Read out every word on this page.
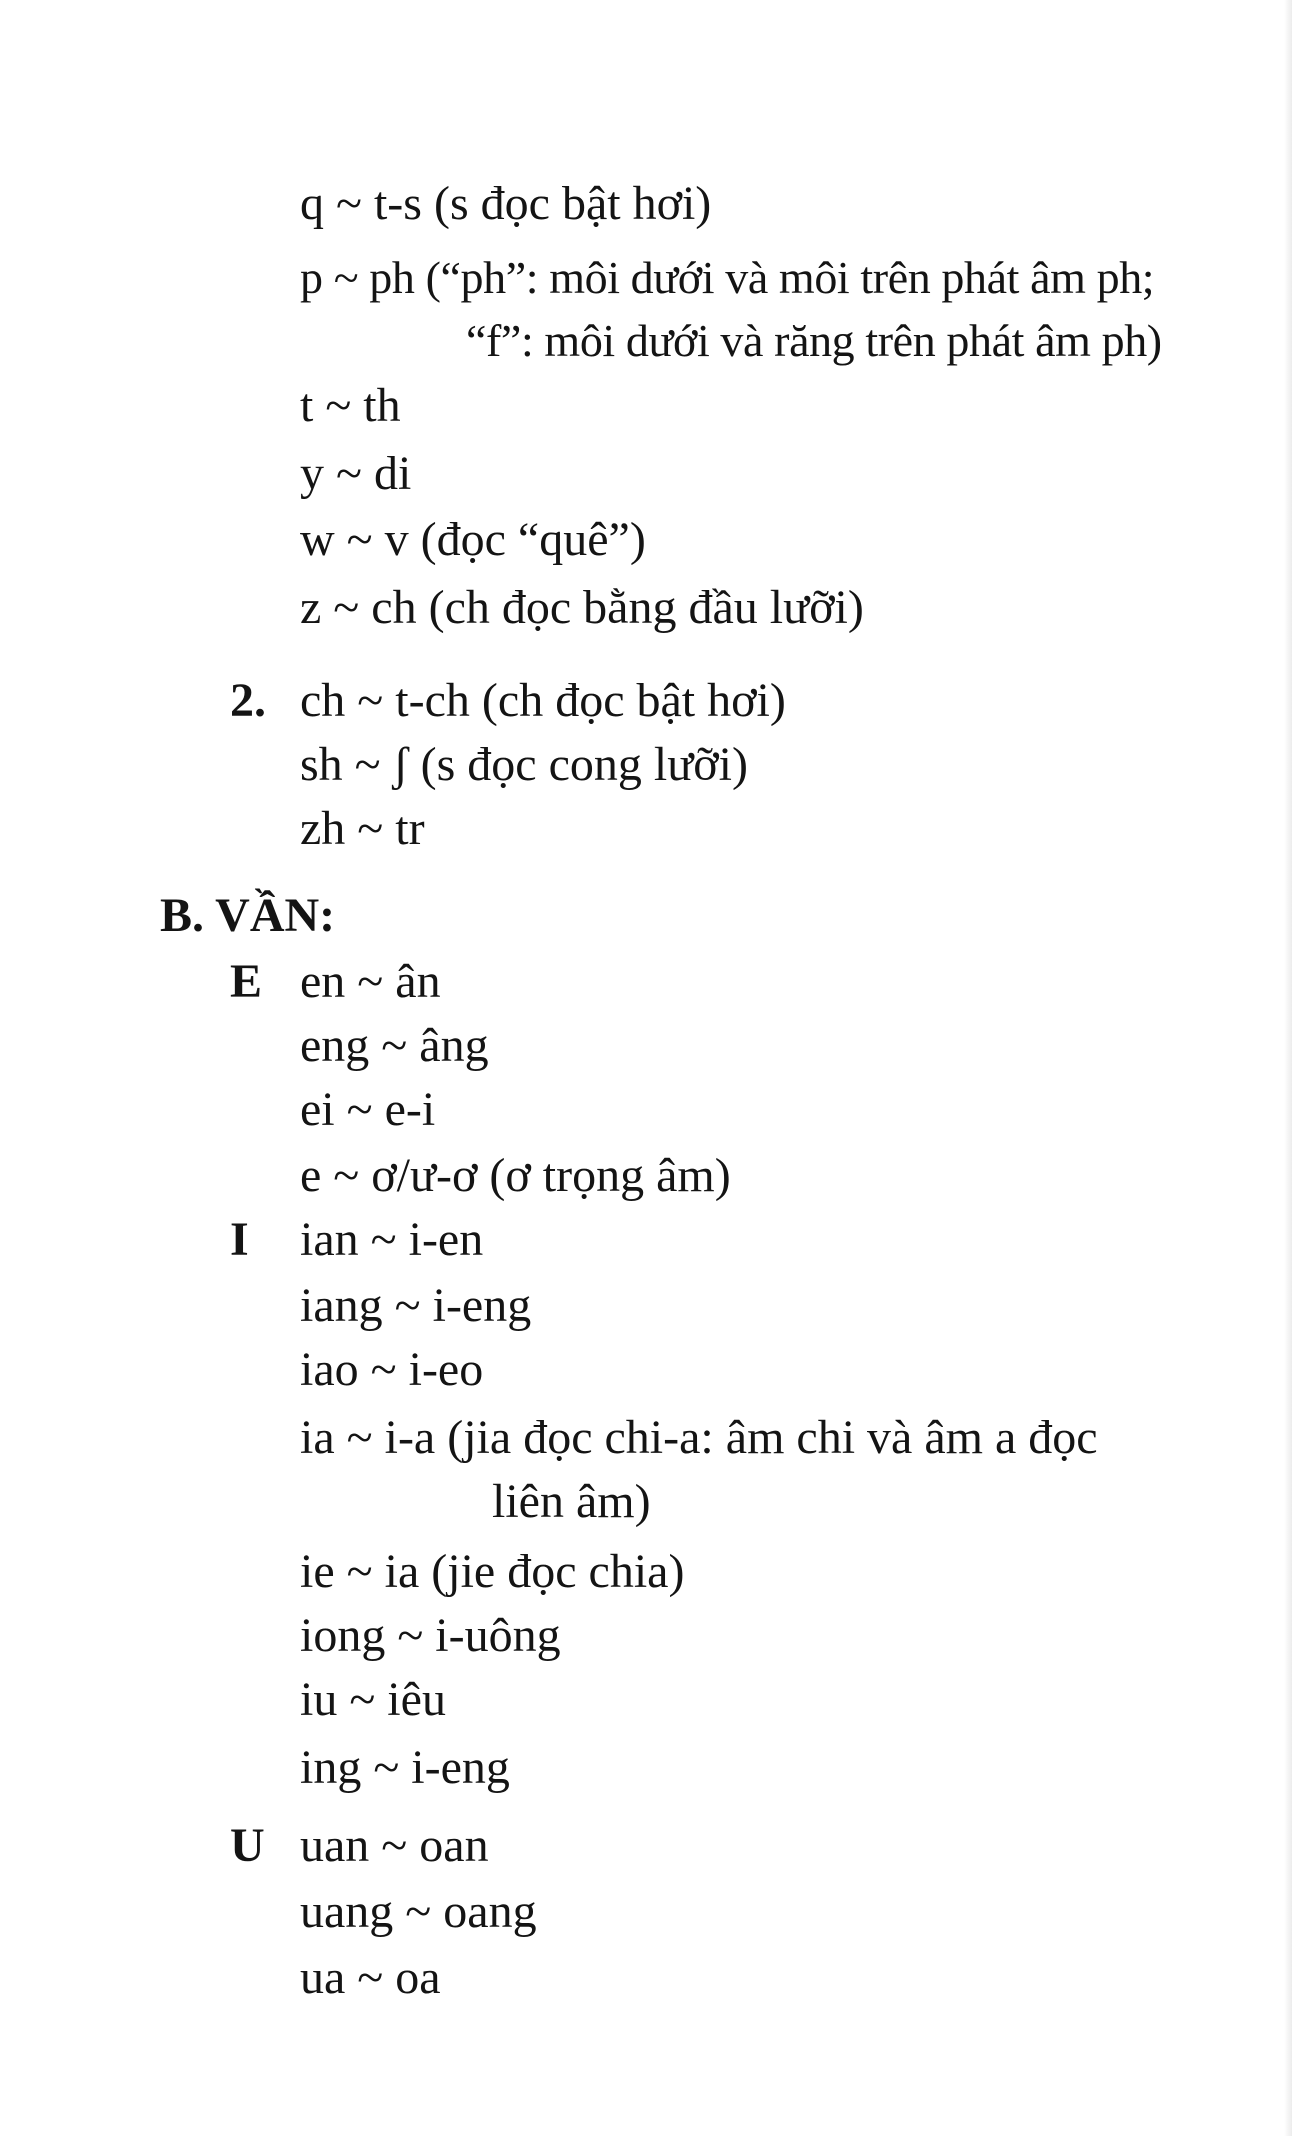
q ~ t-s (s đọc bật hơi)
p ~ ph (“ph”: môi dưới và môi trên phát âm ph;
“f”: môi dưới và răng trên phát âm ph)
t ~ th
y ~ di
w ~ v (đọc “quê”)
z ~ ch (ch đọc bằng đầu lưỡi)
2. ch ~ t-ch (ch đọc bật hơi)
sh ~ ʃ (s đọc cong lưỡi)
zh ~ tr
B. VẦN:
E en ~ ân
eng ~ âng
ei ~ e-i
e ~ ơ/ư-ơ (ơ trọng âm)
I ian ~ i-en
iang ~ i-eng
iao ~ i-eo
ia ~ i-a (jia đọc chi-a: âm chi và âm a đọc
liên âm)
ie ~ ia (jie đọc chia)
iong ~ i-uông
iu ~ iêu
ing ~ i-eng
U uan ~ oan
uang ~ oang
ua ~ oa
